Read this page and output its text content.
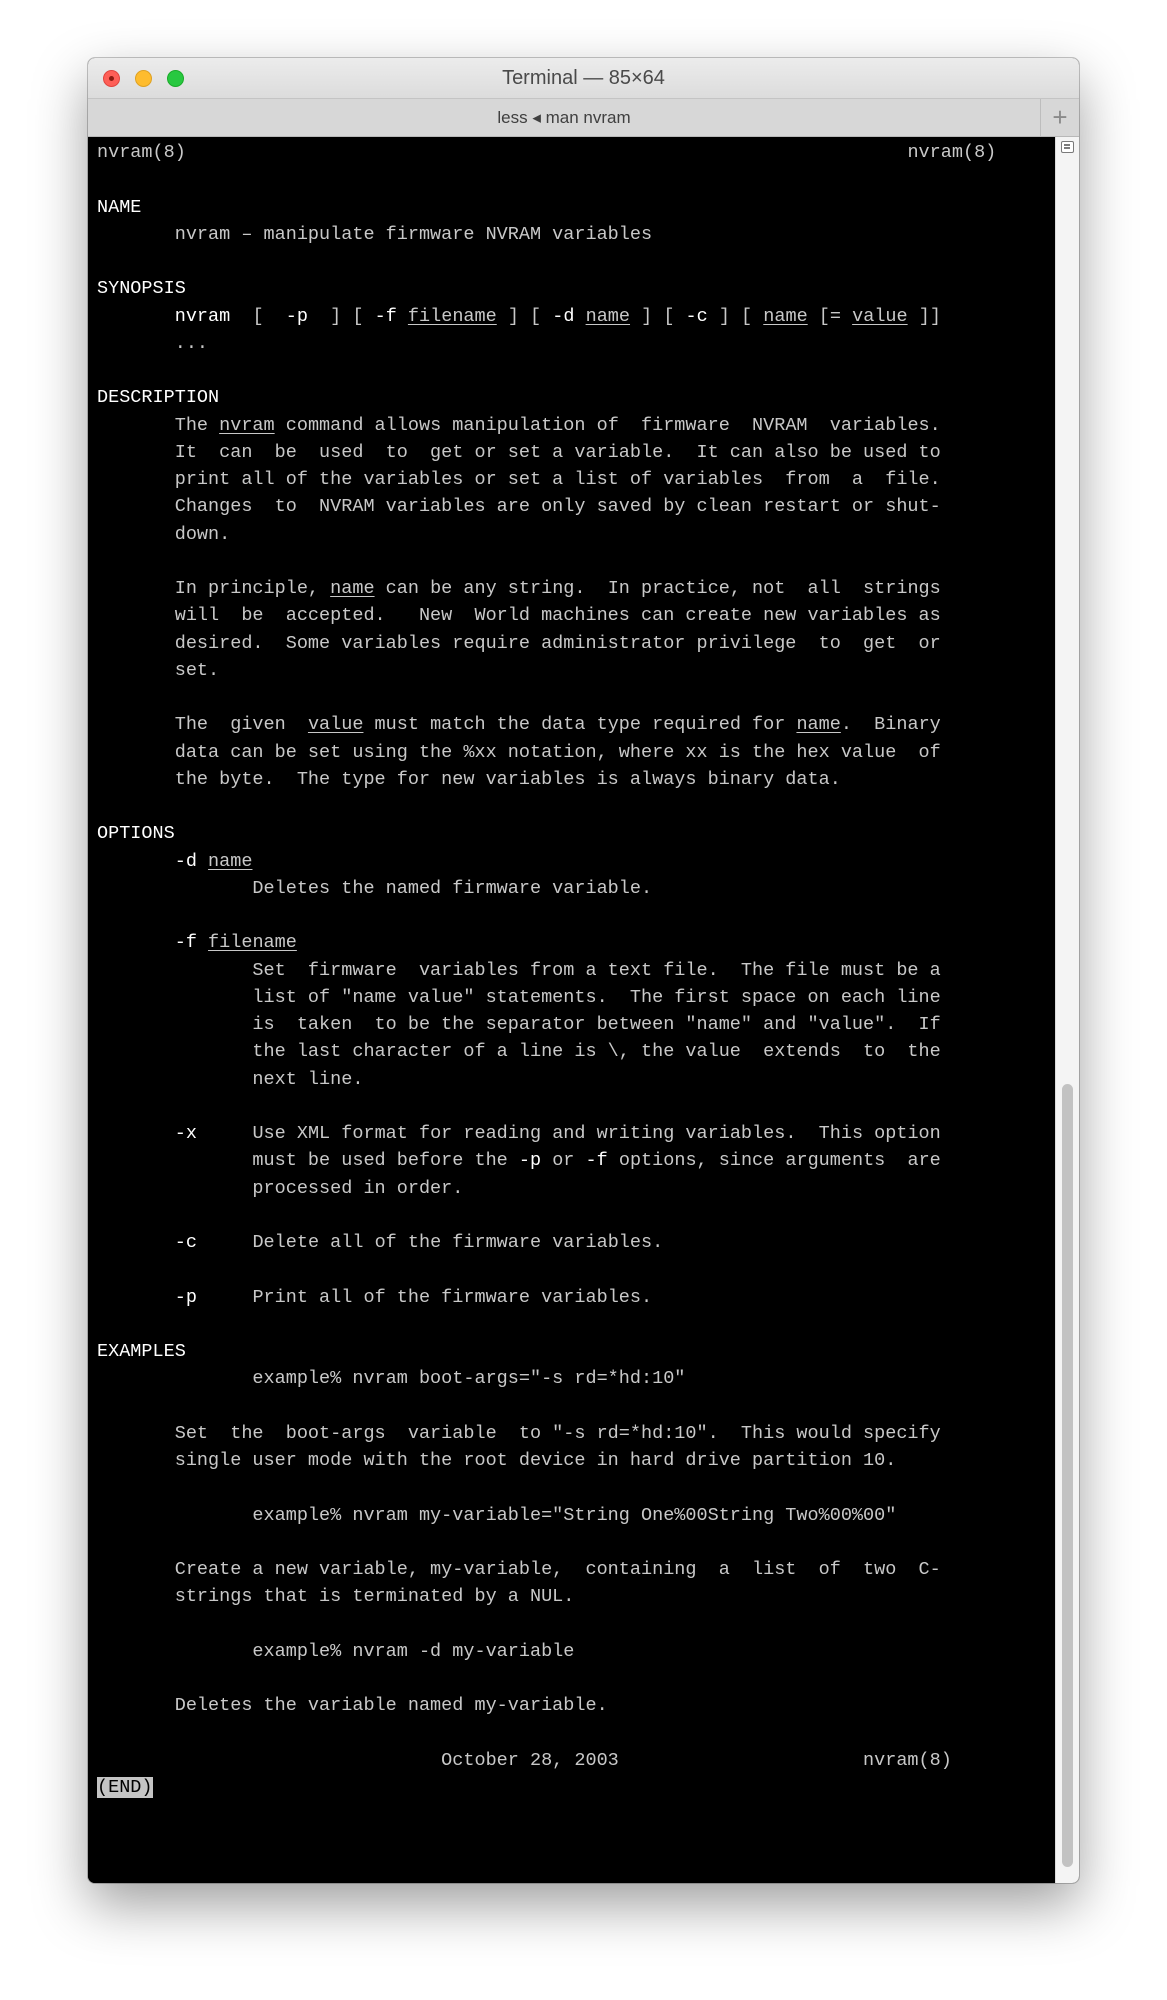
Terminal — 85×64
less ◂ man nvram	+
nvram(8)	nvram(8)
NAME
nvram – manipulate firmware NVRAM variables
SYNOPSIS
nvram  [  -p  ] [ -f filename ] [ -d name ] [ -c ] [ name [= value ]]
...
DESCRIPTION
The nvram command allows manipulation of  firmware  NVRAM  variables.
It  can  be  used  to  get or set a variable.  It can also be used to
print all of the variables or set a list of variables  from  a  file.
Changes  to  NVRAM variables are only saved by clean restart or shut-
down.
In principle, name can be any string.  In practice, not  all  strings
will  be  accepted.   New  World machines can create new variables as
desired.  Some variables require administrator privilege  to  get  or
set.
The  given  value must match the data type required for name.  Binary
data can be set using the %xx notation, where xx is the hex value  of
the byte.  The type for new variables is always binary data.
OPTIONS
-d name
Deletes the named firmware variable.
-f filename
Set  firmware  variables from a text file.  The file must be a
list of "name value" statements.  The first space on each line
is  taken  to be the separator between "name" and "value".  If
the last character of a line is \, the value  extends  to  the
next line.
-x     Use XML format for reading and writing variables.  This option
must be used before the -p or -f options, since arguments  are
processed in order.
-c     Delete all of the firmware variables.
-p     Print all of the firmware variables.
EXAMPLES
example% nvram boot-args="-s rd=*hd:10"
Set  the  boot-args  variable  to "-s rd=*hd:10".  This would specify
single user mode with the root device in hard drive partition 10.
example% nvram my-variable="String One%00String Two%00%00"
Create a new variable, my-variable,  containing  a  list  of  two  C-
strings that is terminated by a NUL.
example% nvram -d my-variable
Deletes the variable named my-variable.
October 28, 2003                      nvram(8)
(END)
